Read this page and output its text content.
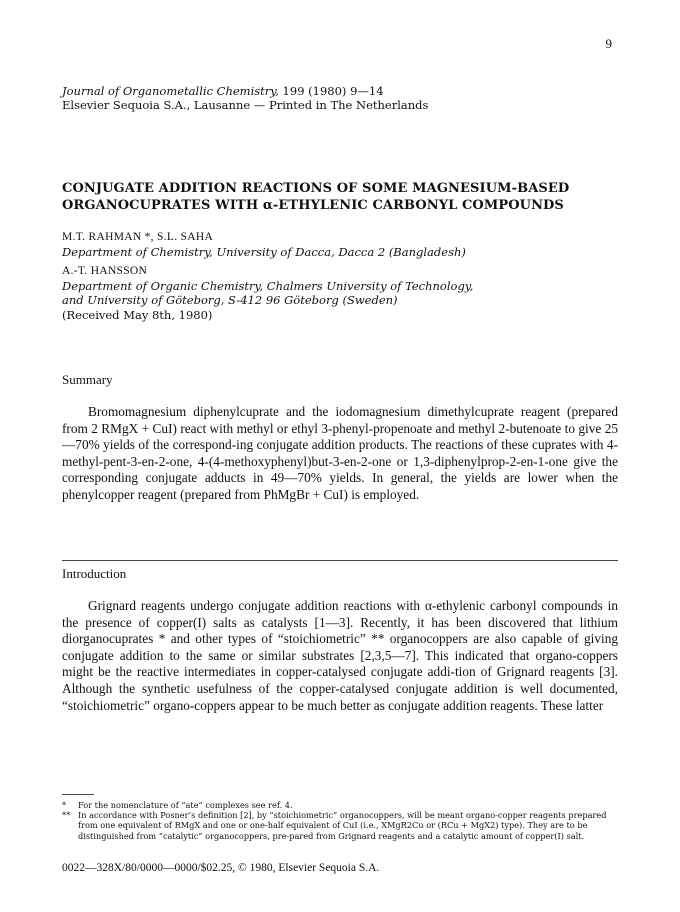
9
Journal of Organometallic Chemistry, 199 (1980) 9—14
Elsevier Sequoia S.A., Lausanne — Printed in The Netherlands
CONJUGATE ADDITION REACTIONS OF SOME MAGNESIUM-BASED
ORGANOCUPRATES WITH α-ETHYLENIC CARBONYL COMPOUNDS
M.T. RAHMAN *, S.L. SAHA
Department of Chemistry, University of Dacca, Dacca 2 (Bangladesh)
A.-T. HANSSON
Department of Organic Chemistry, Chalmers University of Technology,
and University of Göteborg, S-412 96 Göteborg (Sweden)
(Received May 8th, 1980)
Summary

Bromomagnesium diphenylcuprate and the iodomagnesium dimethylcuprate reagent (prepared from 2 RMgX + CuI) react with methyl or ethyl 3-phenyl-propenoate and methyl 2-butenoate to give 25—70% yields of the correspond-ing conjugate addition products. The reactions of these cuprates with 4-methyl-pent-3-en-2-one, 4-(4-methoxyphenyl)but-3-en-2-one or 1,3-diphenylprop-2-en-1-one give the corresponding conjugate adducts in 49—70% yields. In general, the yields are lower when the phenylcopper reagent (prepared from PhMgBr + CuI) is employed.

Introduction

Grignard reagents undergo conjugate addition reactions with α-ethylenic carbonyl compounds in the presence of copper(I) salts as catalysts [1—3]. Recently, it has been discovered that lithium diorganocuprates * and other types of “stoichiometric” ** organocoppers are also capable of giving conjugate addition to the same or similar substrates [2,3,5—7]. This indicated that organo-coppers might be the reactive intermediates in copper-catalysed conjugate addi-tion of Grignard reagents [3]. Although the synthetic usefulness of the copper-catalysed conjugate addition is well documented, “stoichiometric” organo-coppers appear to be much better as conjugate addition reagents. These latter

* For the nomenclature of “ate” complexes see ref. 4.
** In accordance with Posner’s definition [2], by “stoichiometric” organocoppers, will be meant organo-copper reagents prepared from one equivalent of RMgX and one or one-half equivalent of CuI (i.e., XMgR2Cu or (RCu + MgX2) type). They are to be distinguished from “catalytic” organocoppers, pre-pared from Grignard reagents and a catalytic amount of copper(I) salt.
0022—328X/80/0000—0000/$02.25, © 1980, Elsevier Sequoia S.A.
